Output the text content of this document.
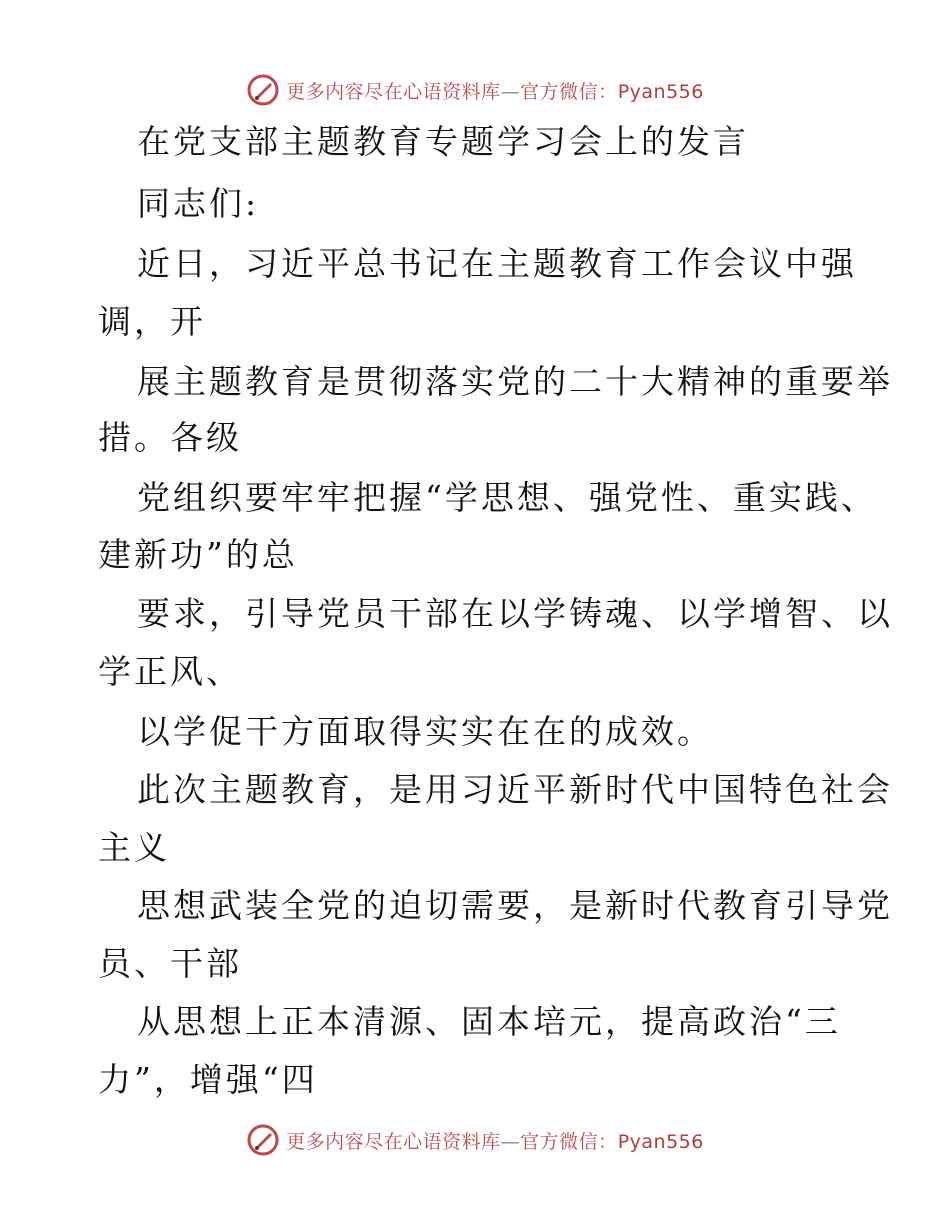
更多内容尽在心语资料库—官方微信：Pyan556
在党支部主题教育专题学习会上的发言
同志们:
近日，习近平总书记在主题教育工作会议中强
调，开
展主题教育是贯彻落实党的二十大精神的重要举
措。各级
党组织要牢牢把握“学思想、强党性、重实践、
建新功”的总
要求，引导党员干部在以学铸魂、以学增智、以
学正风、
以学促干方面取得实实在在的成效。
此次主题教育，是用习近平新时代中国特色社会
主义
思想武装全党的迫切需要，是新时代教育引导党
员、干部
从思想上正本清源、固本培元，提高政治“三
力”，增强“四
更多内容尽在心语资料库—官方微信：Pyan556
